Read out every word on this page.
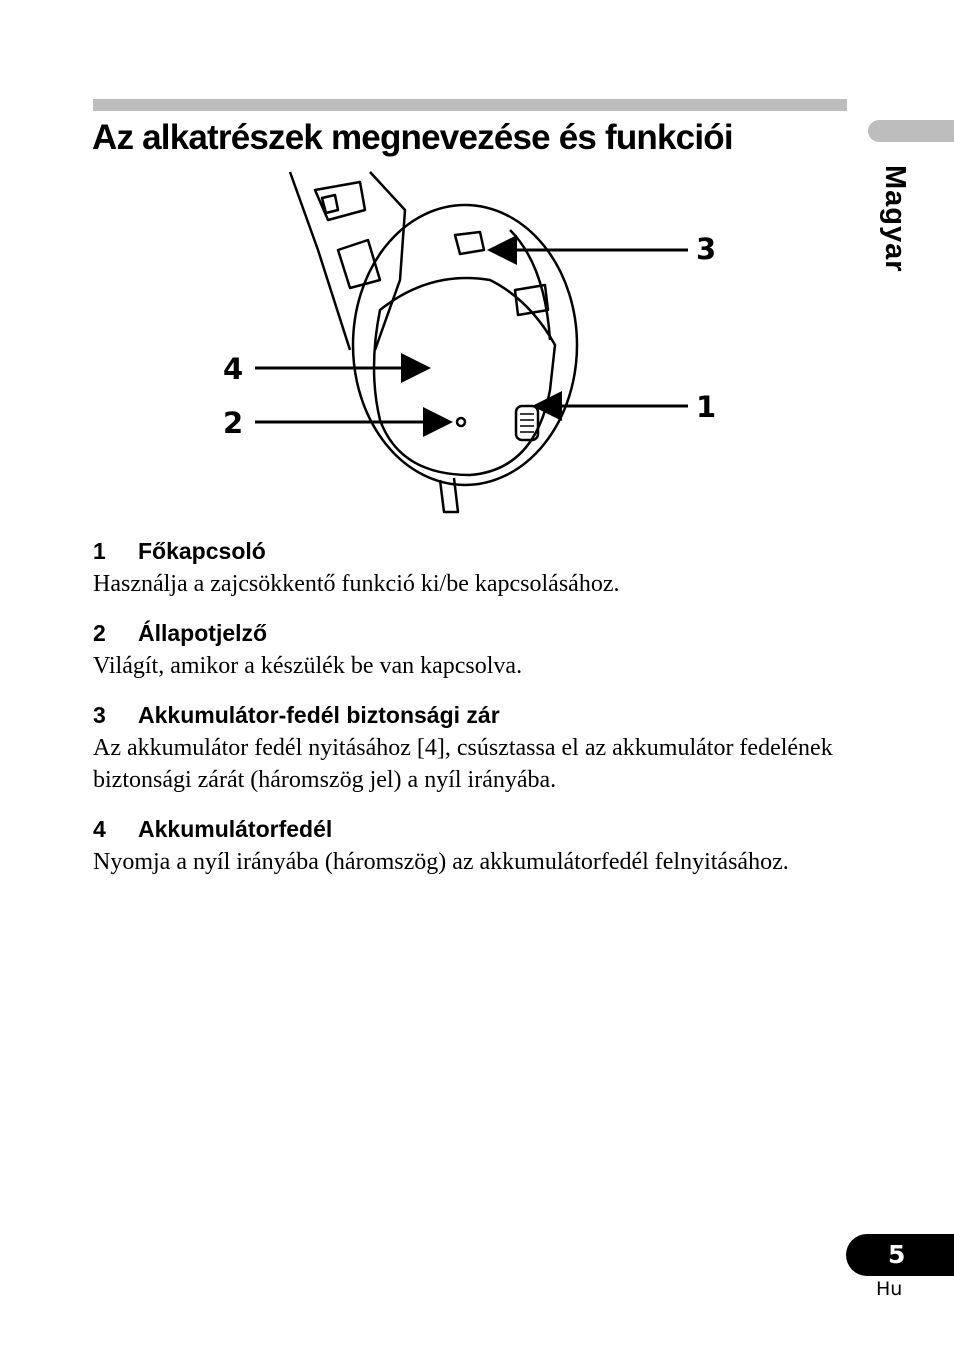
Az alkatrészek megnevezése és funkciói
Magyar
3
4
1
2
1	Főkapcsoló

Használja a zajcsökkentő funkció ki/be kapcsolásához.

2	Állapotjelző

Világít, amikor a készülék be van kapcsolva.

3	Akkumulátor-fedél biztonsági zár

Az akkumulátor fedél nyitásához [4], csúsztassa el az akkumulátor fedelének biztonsági zárát (háromszög jel) a nyíl irányába.

4	Akkumulátorfedél

Nyomja a nyíl irányába (háromszög) az akkumulátorfedél felnyitásához.

5
Hu
